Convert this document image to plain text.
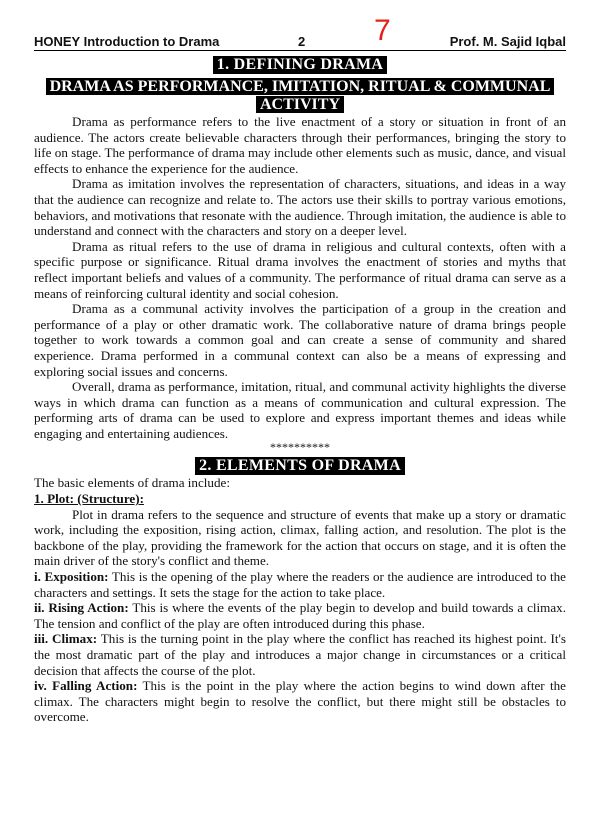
HONEY Introduction to Drama	2 7	Prof. M. Sajid Iqbal
1. DEFINING DRAMA
DRAMA AS PERFORMANCE, IMITATION, RITUAL & COMMUNAL ACTIVITY

Drama as performance refers to the live enactment of a story or situation in front of an audience. The actors create believable characters through their performances, bringing the story to life on stage. The performance of drama may include other elements such as music, dance, and visual effects to enhance the experience for the audience.

Drama as imitation involves the representation of characters, situations, and ideas in a way that the audience can recognize and relate to. The actors use their skills to portray various emotions, behaviors, and motivations that resonate with the audience. Through imitation, the audience is able to understand and connect with the characters and story on a deeper level.

Drama as ritual refers to the use of drama in religious and cultural contexts, often with a specific purpose or significance. Ritual drama involves the enactment of stories and myths that reflect important beliefs and values of a community. The performance of ritual drama can serve as a means of reinforcing cultural identity and social cohesion.

Drama as a communal activity involves the participation of a group in the creation and performance of a play or other dramatic work. The collaborative nature of drama brings people together to work towards a common goal and can create a sense of community and shared experience. Drama performed in a communal context can also be a means of expressing and exploring social issues and concerns.

Overall, drama as performance, imitation, ritual, and communal activity highlights the diverse ways in which drama can function as a means of communication and cultural expression. The performing arts of drama can be used to explore and express important themes and ideas while engaging and entertaining audiences.

**********

2. ELEMENTS OF DRAMA

The basic elements of drama include:

1. Plot: (Structure):

Plot in drama refers to the sequence and structure of events that make up a story or dramatic work, including the exposition, rising action, climax, falling action, and resolution. The plot is the backbone of the play, providing the framework for the action that occurs on stage, and it is often the main driver of the story's conflict and theme.

i. Exposition: This is the opening of the play where the readers or the audience are introduced to the characters and settings. It sets the stage for the action to take place.

ii. Rising Action: This is where the events of the play begin to develop and build towards a climax. The tension and conflict of the play are often introduced during this phase.

iii. Climax: This is the turning point in the play where the conflict has reached its highest point. It's the most dramatic part of the play and introduces a major change in circumstances or a critical decision that affects the course of the plot.

iv. Falling Action: This is the point in the play where the action begins to wind down after the climax. The characters might begin to resolve the conflict, but there might still be obstacles to overcome.
